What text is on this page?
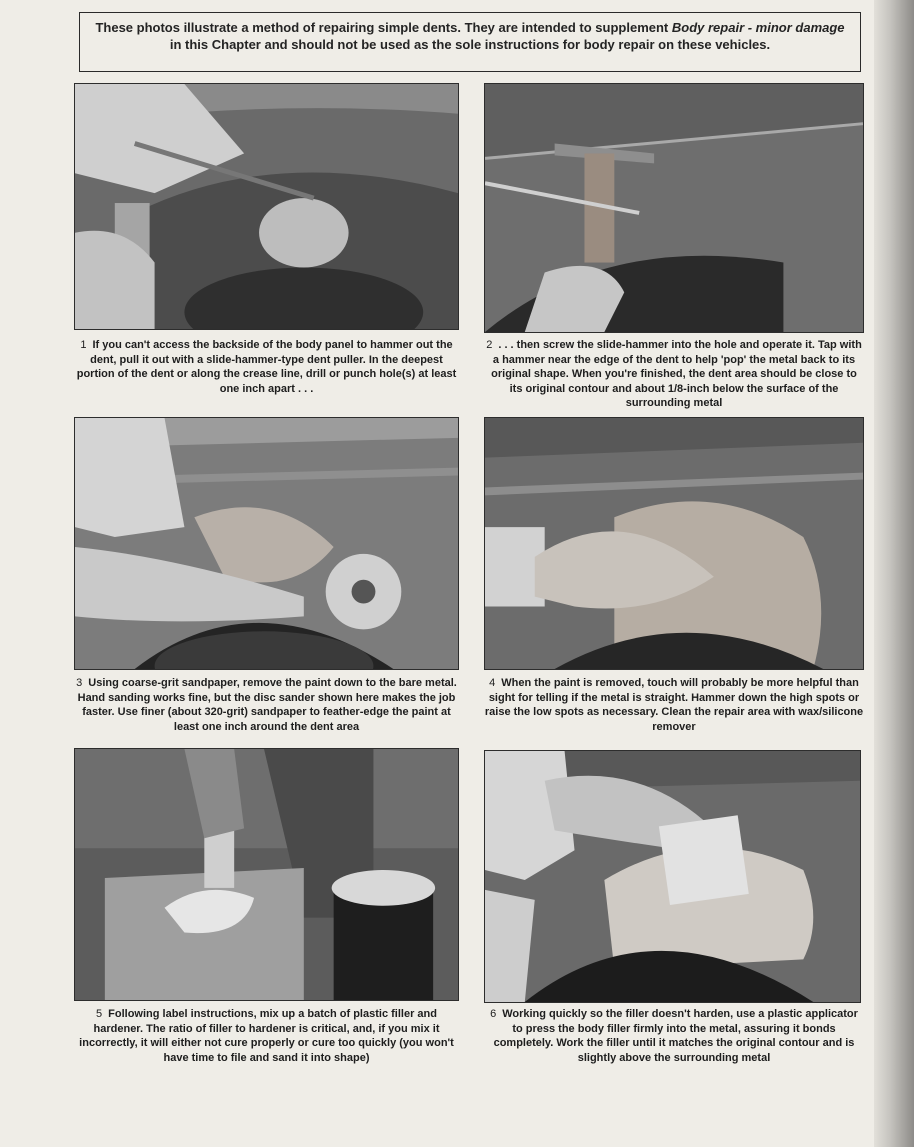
These photos illustrate a method of repairing simple dents. They are intended to supplement Body repair - minor damage in this Chapter and should not be used as the sole instructions for body repair on these vehicles.
1 If you can't access the backside of the body panel to hammer out the dent, pull it out with a slide-hammer-type dent puller. In the deepest portion of the dent or along the crease line, drill or punch hole(s) at least one inch apart . . .
2 . . . then screw the slide-hammer into the hole and operate it. Tap with a hammer near the edge of the dent to help 'pop' the metal back to its original shape. When you're finished, the dent area should be close to its original contour and about 1/8-inch below the surface of the surrounding metal
3 Using coarse-grit sandpaper, remove the paint down to the bare metal. Hand sanding works fine, but the disc sander shown here makes the job faster. Use finer (about 320-grit) sandpaper to feather-edge the paint at least one inch around the dent area
4 When the paint is removed, touch will probably be more helpful than sight for telling if the metal is straight. Hammer down the high spots or raise the low spots as necessary. Clean the repair area with wax/silicone remover
5 Following label instructions, mix up a batch of plastic filler and hardener. The ratio of filler to hardener is critical, and, if you mix it incorrectly, it will either not cure properly or cure too quickly (you won't have time to file and sand it into shape)
6 Working quickly so the filler doesn't harden, use a plastic applicator to press the body filler firmly into the metal, assuring it bonds completely. Work the filler until it matches the original contour and is slightly above the surrounding metal
